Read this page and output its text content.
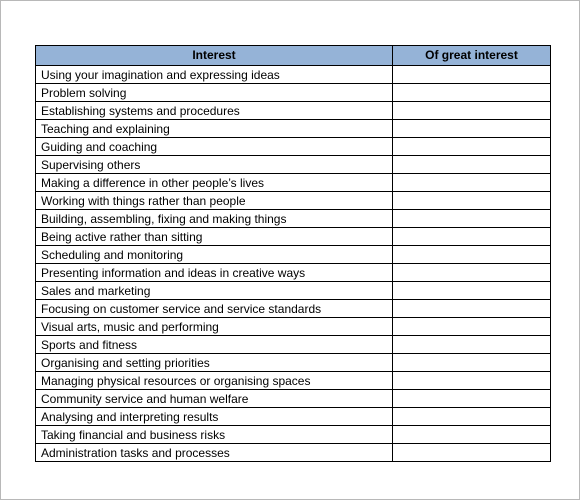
Interest	Of great interest
Using your imagination and expressing ideas	
Problem solving	
Establishing systems and procedures	
Teaching and explaining	
Guiding and coaching	
Supervising others	
Making a difference in other people’s lives	
Working with things rather than people	
Building, assembling, fixing and making things	
Being active rather than sitting	
Scheduling and monitoring	
Presenting information and ideas in creative ways	
Sales and marketing	
Focusing on customer service and service standards	
Visual arts, music and performing	
Sports and fitness	
Organising and setting priorities	
Managing physical resources or organising spaces	
Community service and human welfare	
Analysing and interpreting results	
Taking financial and business risks	
Administration tasks and processes	
